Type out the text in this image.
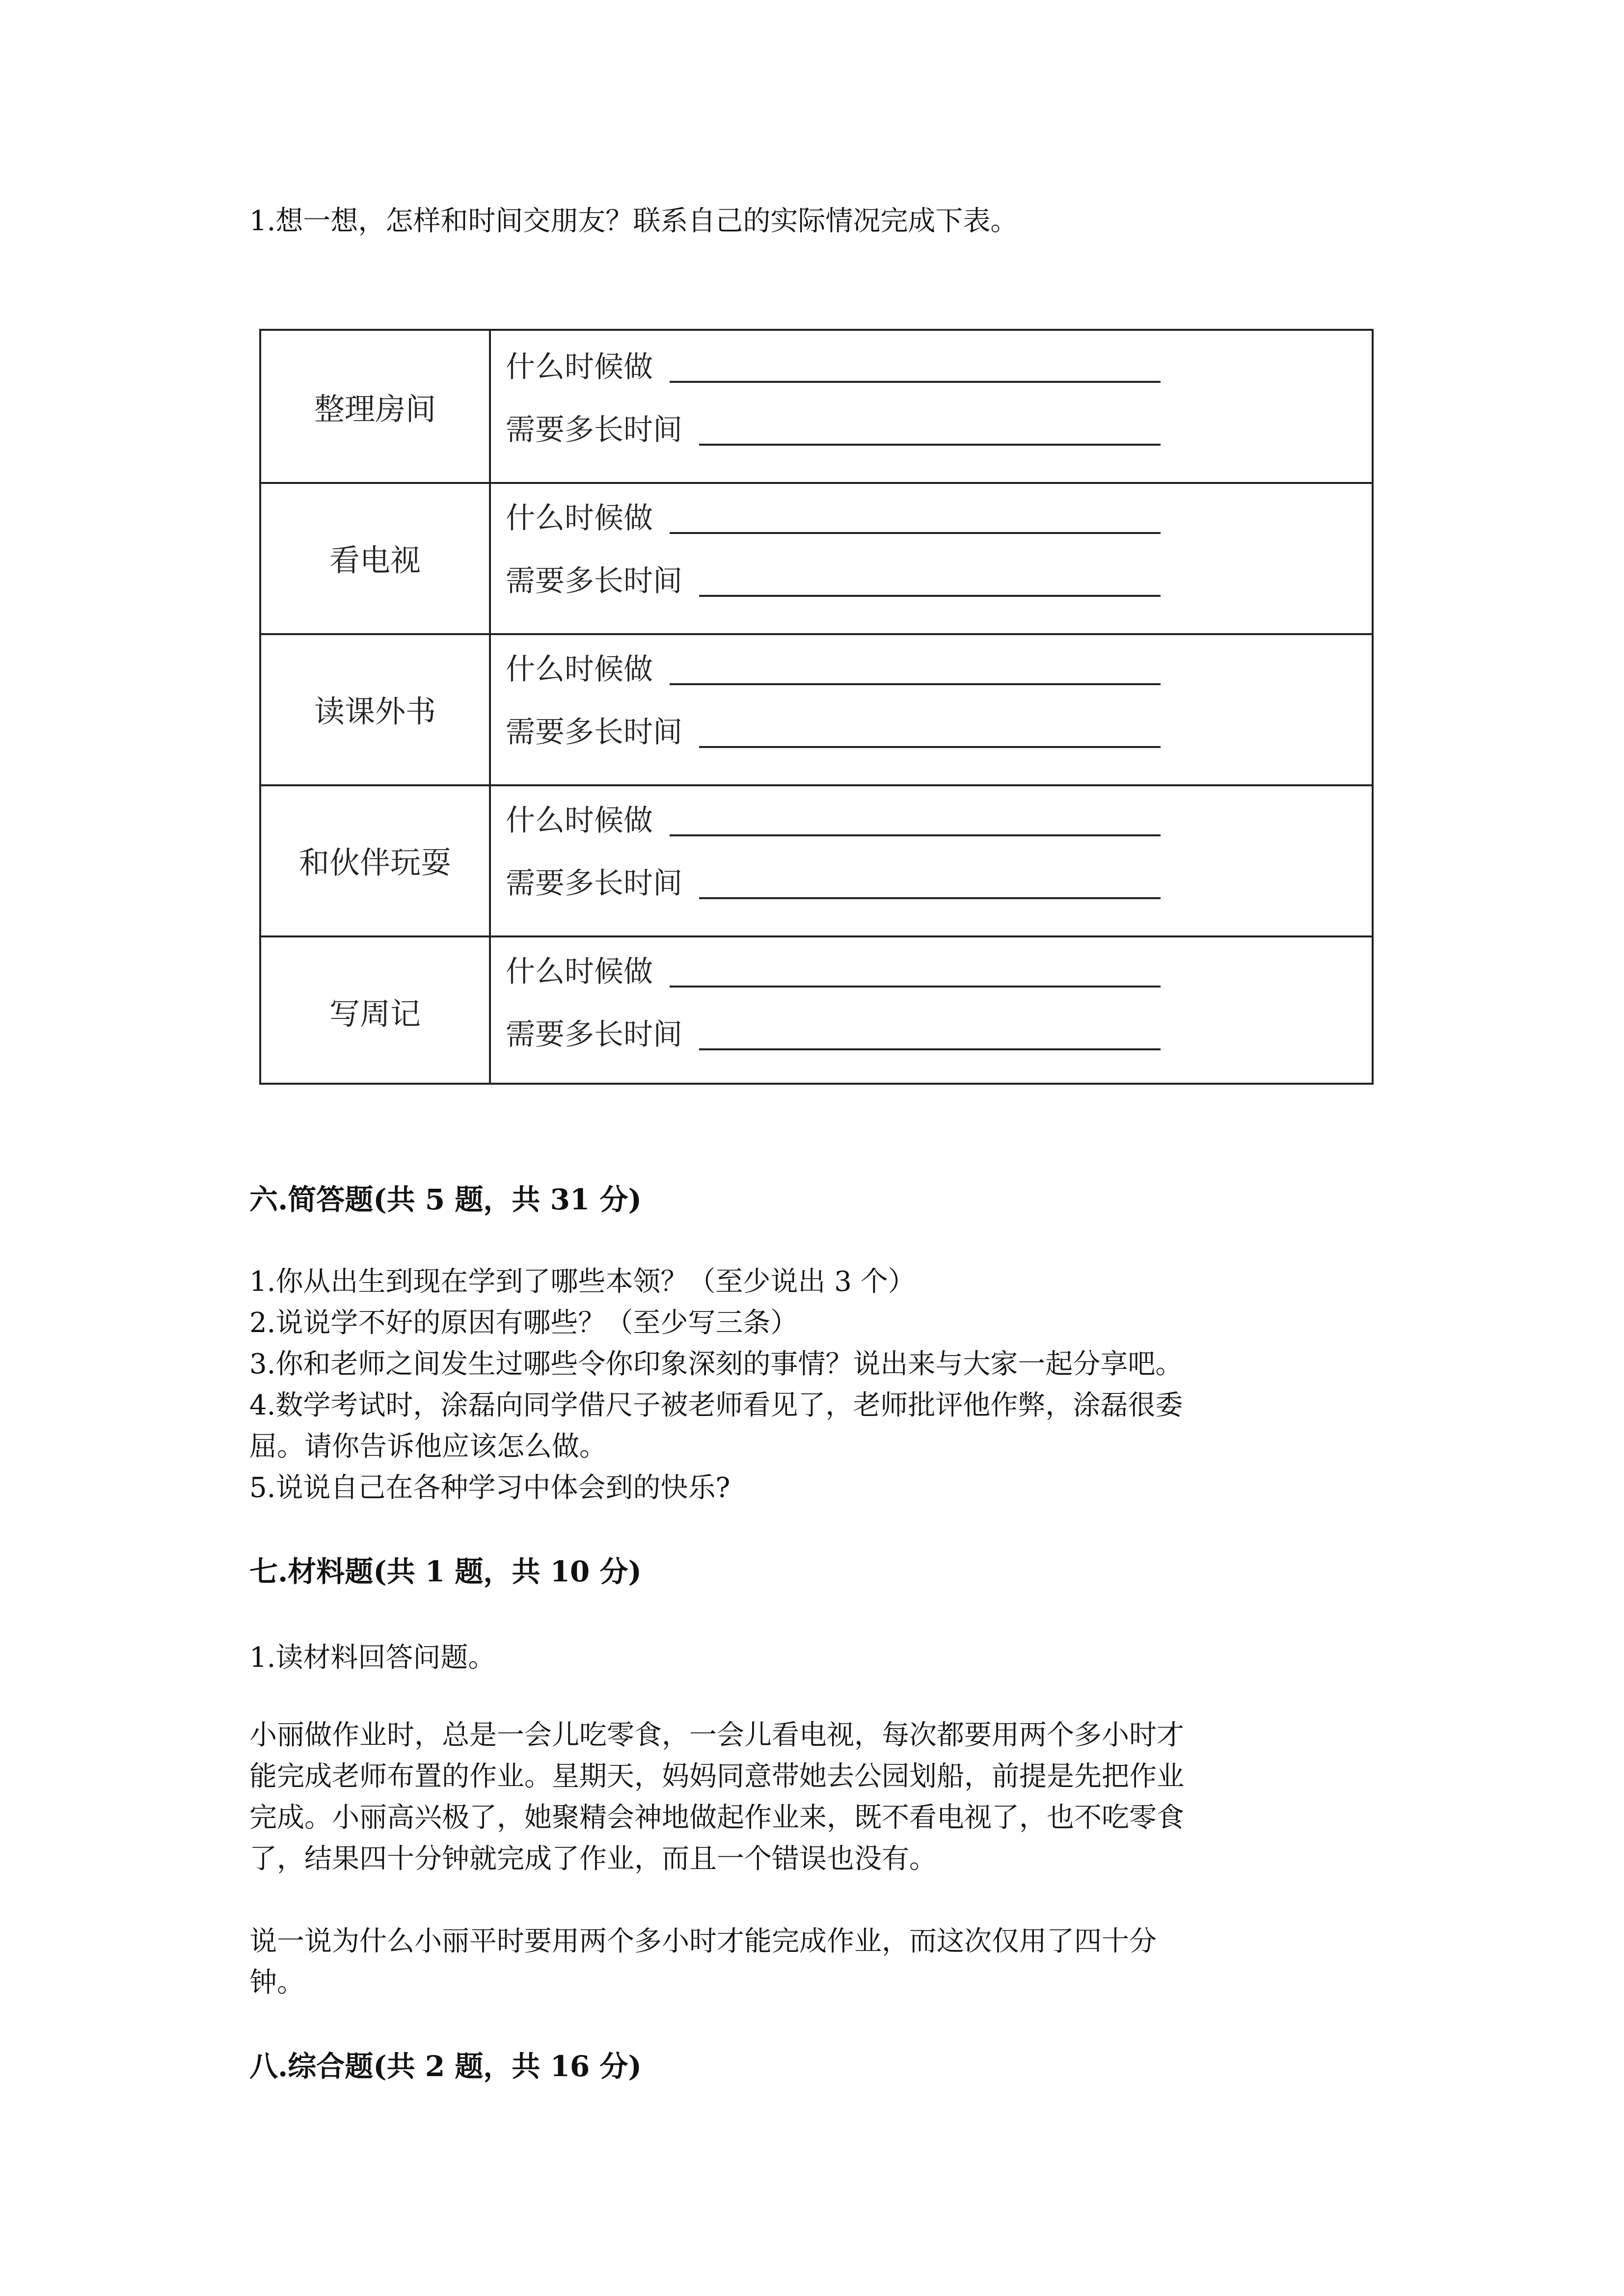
1.想一想，怎样和时间交朋友？联系自己的实际情况完成下表。
整理房间
什么时候做
需要多长时间
看电视
什么时候做
需要多长时间
读课外书
什么时候做
需要多长时间
和伙伴玩耍
什么时候做
需要多长时间
写周记
什么时候做
需要多长时间
六.简答题(共 5 题，共 31 分)
1.你从出生到现在学到了哪些本领？（至少说出 3 个）
2.说说学不好的原因有哪些？（至少写三条）
3.你和老师之间发生过哪些令你印象深刻的事情？说出来与大家一起分享吧。
4.数学考试时，涂磊向同学借尺子被老师看见了，老师批评他作弊，涂磊很委
屈。请你告诉他应该怎么做。
5.说说自己在各种学习中体会到的快乐?
七.材料题(共 1 题，共 10 分)
1.读材料回答问题。
小丽做作业时，总是一会儿吃零食，一会儿看电视，每次都要用两个多小时才
能完成老师布置的作业。星期天，妈妈同意带她去公园划船，前提是先把作业
完成。小丽高兴极了，她聚精会神地做起作业来，既不看电视了，也不吃零食
了，结果四十分钟就完成了作业，而且一个错误也没有。
说一说为什么小丽平时要用两个多小时才能完成作业，而这次仅用了四十分
钟。
八.综合题(共 2 题，共 16 分)
